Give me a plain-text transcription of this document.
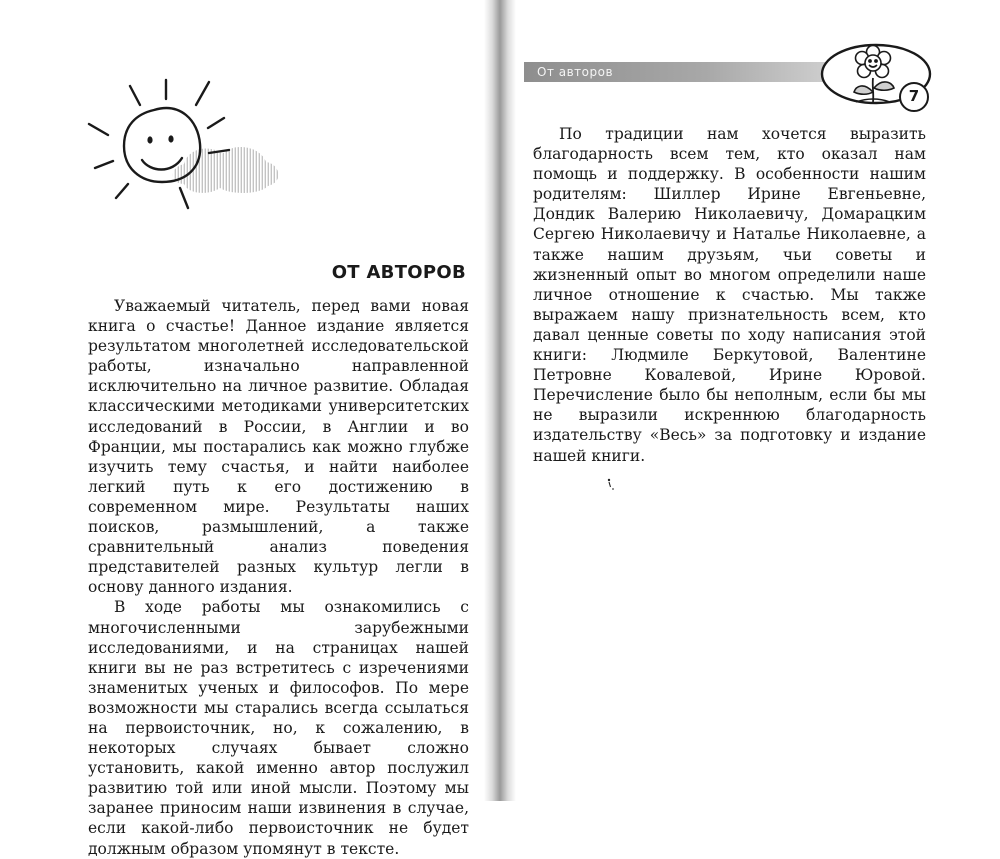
ОТ АВТОРОВ

Уважаемый читатель, перед вами новая книга о счастье! Данное издание является результатом многолетней исследовательской работы, изначально направленной исключительно на личное развитие. Обладая классическими методиками университетских исследований в России, в Англии и во Франции, мы постарались как можно глубже изучить тему счастья, и найти наиболее легкий путь к его достижению в современном мире. Результаты наших поисков, размышлений, а также сравнительный анализ поведения представителей разных культур легли в основу данного издания.

В ходе работы мы ознакомились с многочисленными зарубежными исследованиями, и на страницах нашей книги вы не раз встретитесь с изречениями знаменитых ученых и философов. По мере возможности мы старались всегда ссылаться на первоисточник, но, к сожалению, в некоторых случаях бывает сложно установить, какой именно автор послужил развитию той или иной мысли. Поэтому мы заранее приносим наши извинения в случае, если какой-либо первоисточник не будет должным образом упомянут в тексте.

От авторов

7

По традиции нам хочется выразить благодарность всем тем, кто оказал нам помощь и поддержку. В особенности нашим родителям: Шиллер Ирине Евгеньевне, Дондик Валерию Николаевичу, Домарацким Сергею Николаевичу и Наталье Николаевне, а также нашим друзьям, чьи советы и жизненный опыт во многом определили наше личное отношение к счастью. Мы также выражаем нашу признательность всем, кто давал ценные советы по ходу написания этой книги: Людмиле Беркутовой, Валентине Петровне Ковалевой, Ирине Юровой. Перечисление было бы неполным, если бы мы не выразили искреннюю благодарность издательству «Весь» за подготовку и издание нашей книги.
